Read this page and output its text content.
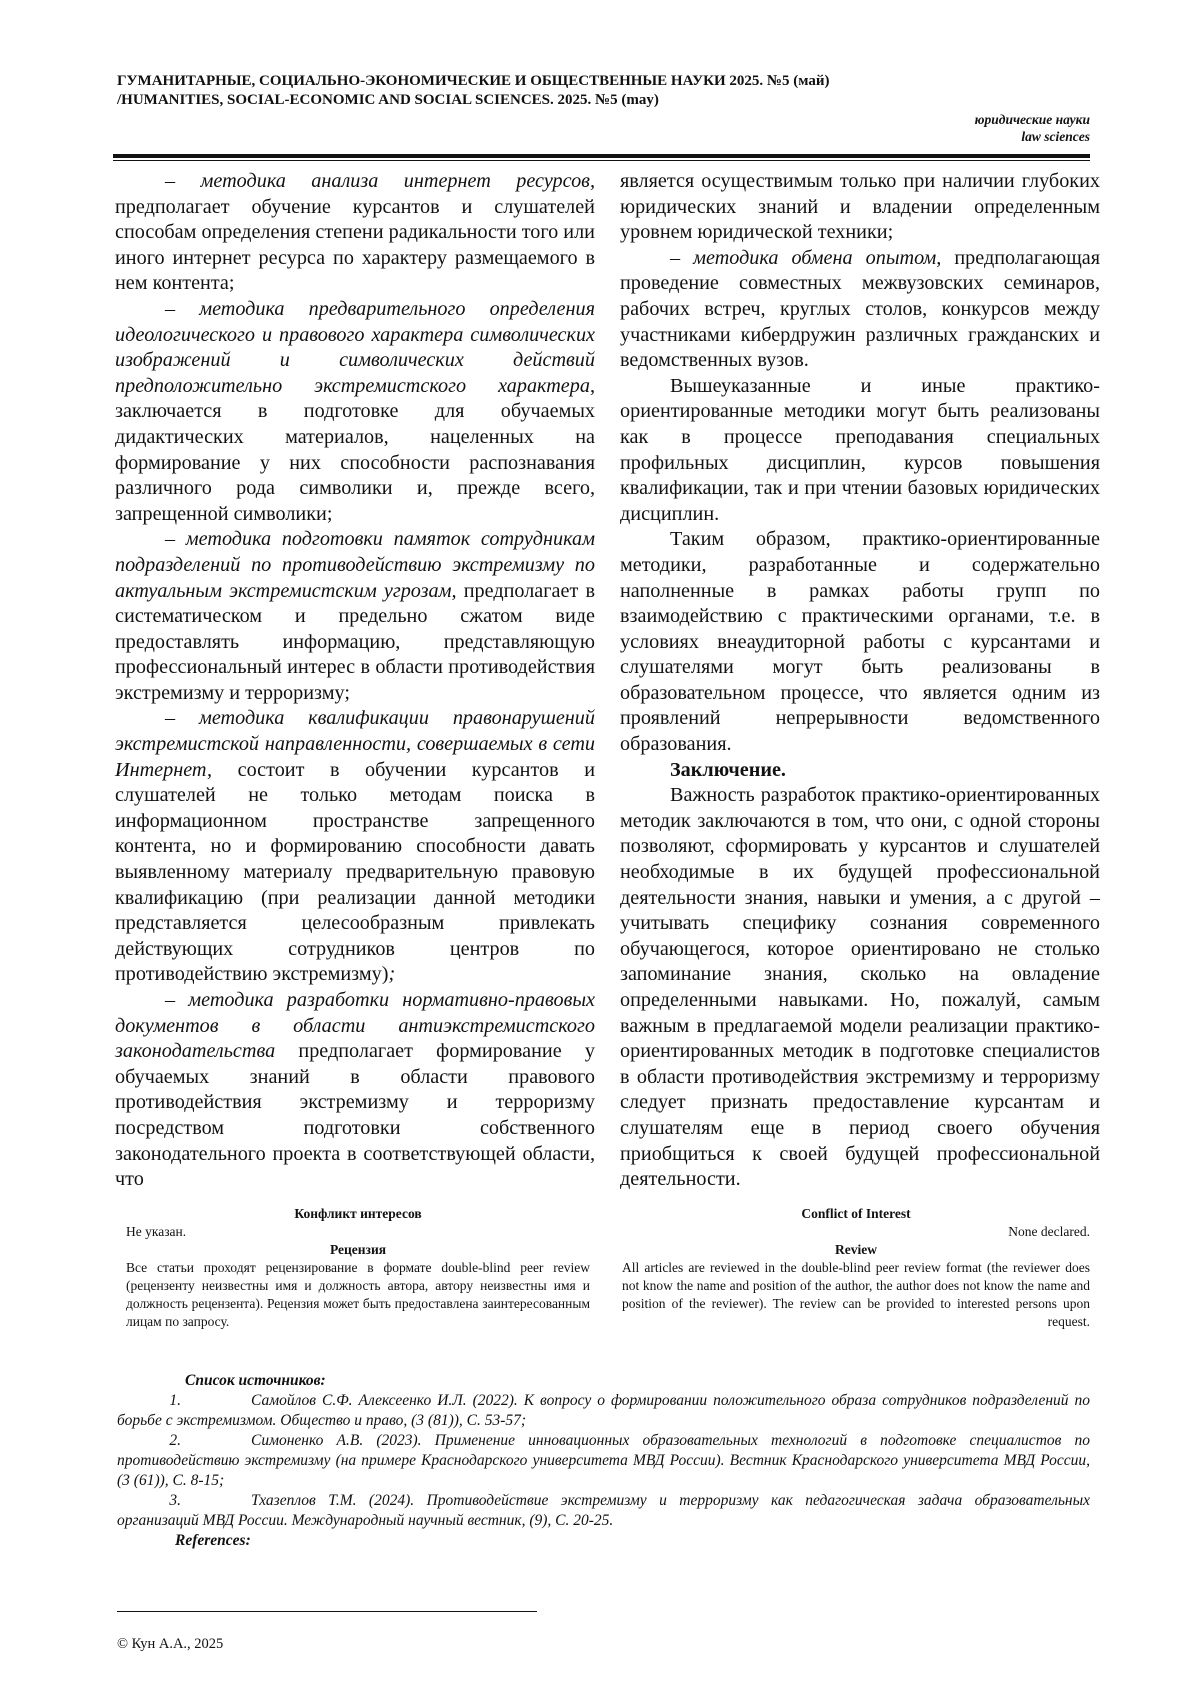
ГУМАНИТАРНЫЕ, СОЦИАЛЬНО-ЭКОНОМИЧЕСКИЕ И ОБЩЕСТВЕННЫЕ НАУКИ 2025. №5 (май)
/HUMANITIES, SOCIAL-ECONOMIC AND SOCIAL SCIENCES. 2025. №5 (may)
юридические науки
law sciences

– методика анализа интернет ресурсов, предполагает обучение курсантов и слушателей способам определения степени радикальности того или иного интернет ресурса по характеру размещаемого в нем контента;

– методика предварительного определения идеологического и правового характера символических изображений и символических действий предположительно экстремистского характера, заключается в подготовке для обучаемых дидактических материалов, нацеленных на формирование у них способности распознавания различного рода символики и, прежде всего, запрещенной символики;

– методика подготовки памяток сотрудникам подразделений по противодействию экстремизму по актуальным экстремистским угрозам, предполагает в систематическом и предельно сжатом виде предоставлять информацию, представляющую профессиональный интерес в области противодействия экстремизму и терроризму;

– методика квалификации правонарушений экстремистской направленности, совершаемых в сети Интернет, состоит в обучении курсантов и слушателей не только методам поиска в информационном пространстве запрещенного контента, но и формированию способности давать выявленному материалу предварительную правовую квалификацию (при реализации данной методики представляется целесообразным привлекать действующих сотрудников центров по противодействию экстремизму);

– методика разработки нормативно-правовых документов в области антиэкстремистского законодательства предполагает формирование у обучаемых знаний в области правового противодействия экстремизму и терроризму посредством подготовки собственного законодательного проекта в соответствующей области, что

является осуществимым только при наличии глубоких юридических знаний и владении определенным уровнем юридической техники;

– методика обмена опытом, предполагающая проведение совместных межвузовских семинаров, рабочих встреч, круглых столов, конкурсов между участниками кибердружин различных гражданских и ведомственных вузов.

Вышеуказанные и иные практико-ориентированные методики могут быть реализованы как в процессе преподавания специальных профильных дисциплин, курсов повышения квалификации, так и при чтении базовых юридических дисциплин.

Таким образом, практико-ориентированные методики, разработанные и содержательно наполненные в рамках работы групп по взаимодействию с практическими органами, т.е. в условиях внеаудиторной работы с курсантами и слушателями могут быть реализованы в образовательном процессе, что является одним из проявлений непрерывности ведомственного образования.

Заключение.

Важность разработок практико-ориентированных методик заключаются в том, что они, с одной стороны позволяют, сформировать у курсантов и слушателей необходимые в их будущей профессиональной деятельности знания, навыки и умения, а с другой – учитывать специфику сознания современного обучающегося, которое ориентировано не столько запоминание знания, сколько на овладение определенными навыками. Но, пожалуй, самым важным в предлагаемой модели реализации практико-ориентированных методик в подготовке специалистов в области противодействия экстремизму и терроризму следует признать предоставление курсантам и слушателям еще в период своего обучения приобщиться к своей будущей профессиональной деятельности.

Конфликт интересов
Не указан.
Рецензия
Все статьи проходят рецензирование в формате double-blind peer review (рецензенту неизвестны имя и должность автора, автору неизвестны имя и должность рецензента). Рецензия может быть предоставлена заинтересованным лицам по запросу.
Conflict of Interest
None declared.
Review
All articles are reviewed in the double-blind peer review format (the reviewer does not know the name and position of the author, the author does not know the name and position of the reviewer). The review can be provided to interested persons upon request.
Список источников:
1.	Самойлов С.Ф. Алексеенко И.Л. (2022). К вопросу о формировании положительного образа сотрудников подразделений по борьбе с экстремизмом. Общество и право, (3 (81)), С. 53-57;
2.	Симоненко А.В. (2023). Применение инновационных образовательных технологий в подготовке специалистов по противодействию экстремизму (на примере Краснодарского университета МВД России). Вестник Краснодарского университета МВД России, (3 (61)), С. 8-15;
3.	Тхазеплов Т.М. (2024). Противодействие экстремизму и терроризму как педагогическая задача образовательных организаций МВД России. Международный научный вестник, (9), С. 20-25.
References:
© Кун А.А., 2025
